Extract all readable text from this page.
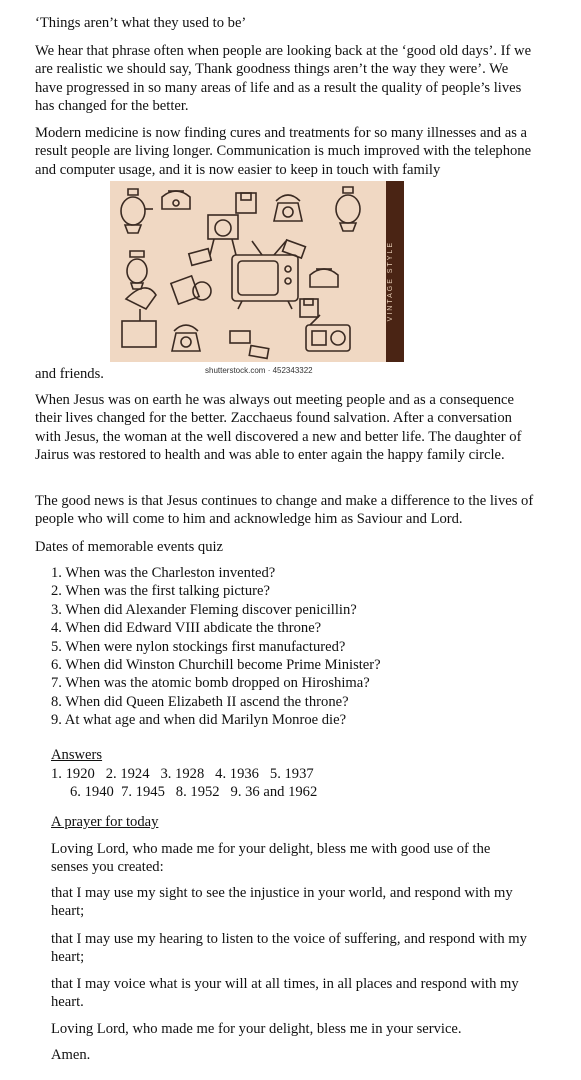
‘Things aren’t what they used to be’

We hear that phrase often when people are looking back at the ‘good old days’. If we are realistic we should say, Thank goodness things aren’t the way they were’. We have progressed in so many areas of life and as a result the quality of people’s lives has changed for the better.

Modern medicine is now finding cures and treatments for so many illnesses and as a result people are living longer. Communication is much improved with the telephone and computer usage, and it is now easier to keep in touch with family

VINTAGE STYLE
and friends.	shutterstock.com · 452343322

When Jesus was on earth he was always out meeting people and as a consequence their lives changed for the better. Zacchaeus found salvation. After a conversation with Jesus, the woman at the well discovered a new and better life. The daughter of Jairus was restored to health and was able to enter again the happy family circle.

The good news is that Jesus continues to change and make a difference to the lives of people who will come to him and acknowledge him as Saviour and Lord.

Dates of memorable events quiz
1. When was the Charleston invented?
2. When was the first talking picture?
3. When did Alexander Fleming discover penicillin?
4. When did Edward VIII abdicate the throne?
5. When were nylon stockings first manufactured?
6. When did Winston Churchill become Prime Minister?
7. When was the atomic bomb dropped on Hiroshima?
8. When did Queen Elizabeth II ascend the throne?
9. At what age and when did Marilyn Monroe die?
Answers
1. 1920   2. 1924   3. 1928   4. 1936   5. 1937
6. 1940  7. 1945   8. 1952   9. 36 and 1962
A prayer for today

Loving Lord, who made me for your delight, bless me with good use of the senses you created:

that I may use my sight to see the injustice in your world, and respond with my heart;

that I may use my hearing to listen to the voice of suffering, and respond with my heart;

that I may voice what is your will at all times, in all places and respond with my heart.

Loving Lord, who made me for your delight, bless me in your service.

Amen.
